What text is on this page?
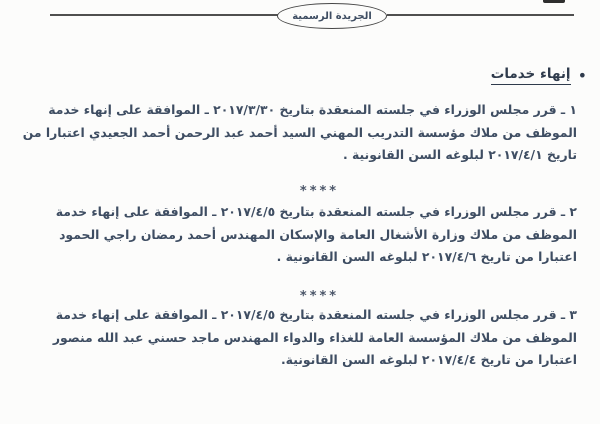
الجريدة الرسمية
•
إنهاء خدمات
١ ـ قرر مجلس الوزراء في جلسته المنعقدة بتاريخ ٢٠١٧/٣/٣٠ ـ الموافقة على إنهاء خدمة
الموظف من ملاك مؤسسة التدريب المهني السيد أحمد عبد الرحمن أحمد الجعيدي اعتبارا من
تاريخ ٢٠١٧/٤/١ لبلوغه السن القانونية .
****
٢ ـ قرر مجلس الوزراء في جلسته المنعقدة بتاريخ ٢٠١٧/٤/٥ ـ الموافقة على إنهاء خدمة
الموظف من ملاك وزارة الأشغال العامة والإسكان المهندس أحمد رمضان راجي الحمود
اعتبارا من تاريخ ٢٠١٧/٤/٦ لبلوغه السن القانونية .
****
٣ ـ قرر مجلس الوزراء في جلسته المنعقدة بتاريخ ٢٠١٧/٤/٥ ـ الموافقة على إنهاء خدمة
الموظف من ملاك المؤسسة العامة للغذاء والدواء المهندس ماجد حسني عبد الله منصور
اعتبارا من تاريخ ٢٠١٧/٤/٤ لبلوغه السن القانونية.
